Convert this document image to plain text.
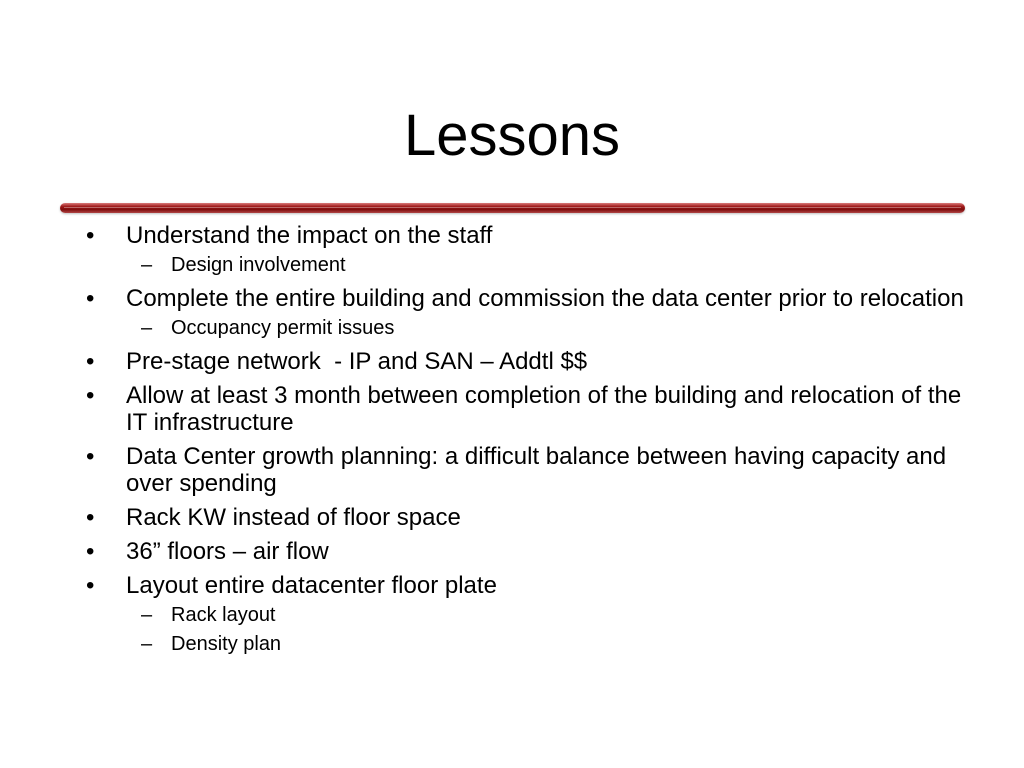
Lessons
•	Understand the impact on the staff
– Design involvement
•	Complete the entire building and commission the data center prior to relocation
– Occupancy permit issues
•	Pre-stage network  - IP and SAN – Addtl $$
•	Allow at least 3 month between completion of the building and relocation of the IT infrastructure
•	Data Center growth planning: a difficult balance between having capacity and over spending
•	Rack KW instead of floor space
•	36” floors – air flow
•	Layout entire datacenter floor plate
– Rack layout
– Density plan
